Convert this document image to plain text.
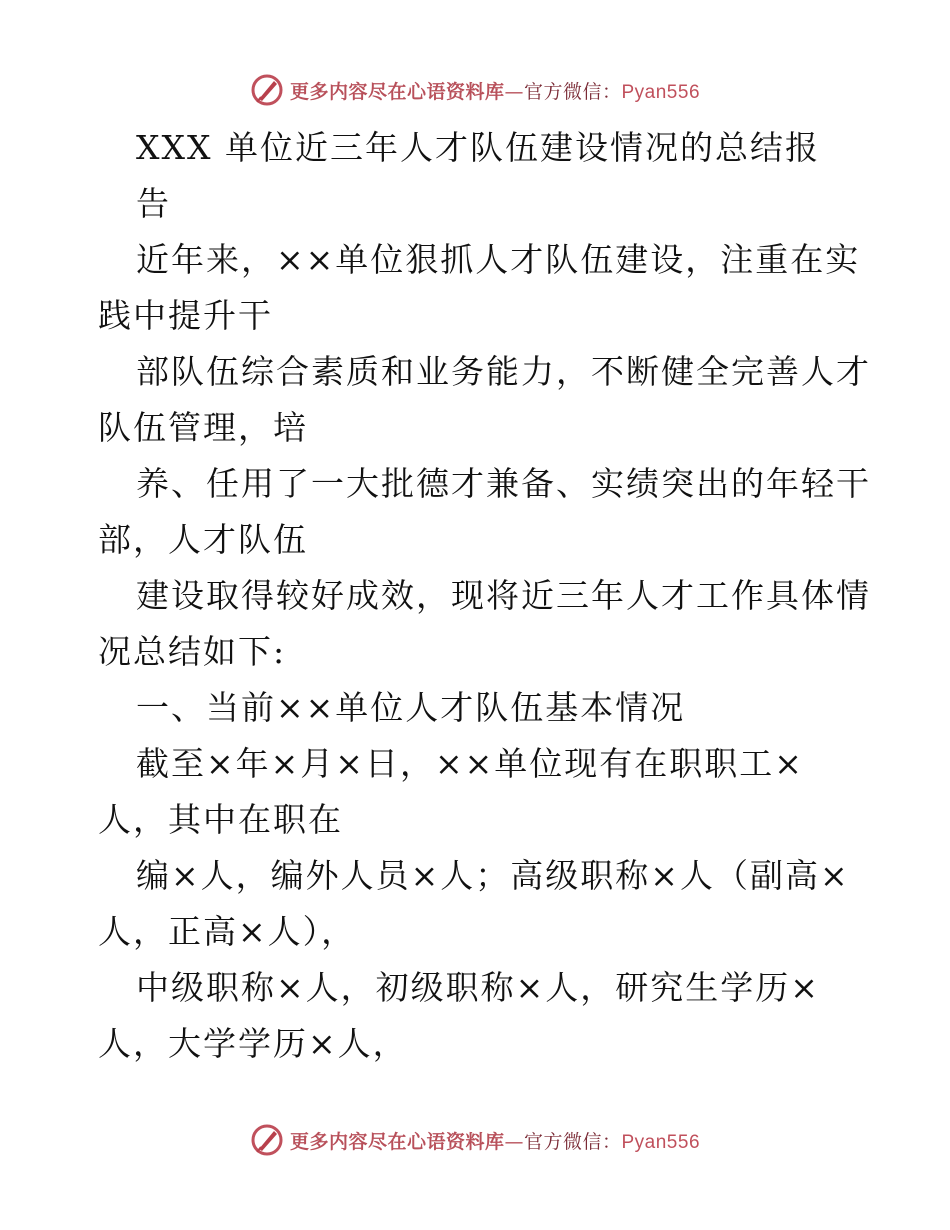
更多内容尽在心语资料库—官方微信：Pyan556
XXX 单位近三年人才队伍建设情况的总结报
告
近年来，××单位狠抓人才队伍建设，注重在实
践中提升干
部队伍综合素质和业务能力，不断健全完善人才
队伍管理，培
养、任用了一大批德才兼备、实绩突出的年轻干
部，人才队伍
建设取得较好成效，现将近三年人才工作具体情
况总结如下:
一、当前××单位人才队伍基本情况
截至×年×月×日，××单位现有在职职工×
人，其中在职在
编×人，编外人员×人；高级职称×人（副高×
人，正高×人），
中级职称×人，初级职称×人，研究生学历×
人，大学学历×人，
更多内容尽在心语资料库—官方微信：Pyan556
